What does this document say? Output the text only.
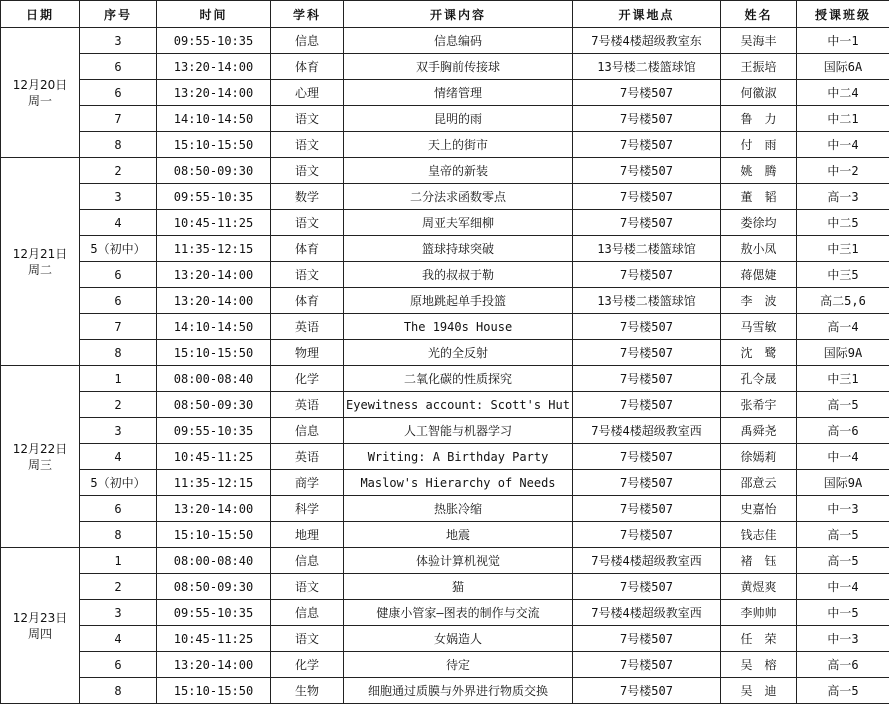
日期	序号	时间	学科	开课内容	开课地点	姓名	授课班级

12月20日
周一	3	09:55-10:35	信息	信息编码	7号楼4楼超级教室东	吴海丰	中一1
	6	13:20-14:00	体育	双手胸前传接球	13号楼二楼篮球馆	王振培	国际6A
	6	13:20-14:00	心理	情绪管理	7号楼507	何徽淑	中二4
	7	14:10-14:50	语文	昆明的雨	7号楼507	鲁　力	中二1
	8	15:10-15:50	语文	天上的街市	7号楼507	付　雨	中一4

12月21日
周二	2	08:50-09:30	语文	皇帝的新装	7号楼507	姚　腾	中一2
	3	09:55-10:35	数学	二分法求函数零点	7号楼507	董　韬	高一3
	4	10:45-11:25	语文	周亚夫军细柳	7号楼507	娄徐均	中二5
	5（初中）	11:35-12:15	体育	篮球持球突破	13号楼二楼篮球馆	敖小凤	中三1
	6	13:20-14:00	语文	我的叔叔于勒	7号楼507	蒋偲婕	中三5
	6	13:20-14:00	体育	原地跳起单手投篮	13号楼二楼篮球馆	李　波	高二5,6
	7	14:10-14:50	英语	The 1940s House	7号楼507	马雪敏	高一4
	8	15:10-15:50	物理	光的全反射	7号楼507	沈　鹭	国际9A

12月22日
周三	1	08:00-08:40	化学	二氧化碳的性质探究	7号楼507	孔令晟	中三1
	2	08:50-09:30	英语	Eyewitness account: Scott's Hut	7号楼507	张希宇	高一5
	3	09:55-10:35	信息	人工智能与机器学习	7号楼4楼超级教室西	禹舜尧	高一6
	4	10:45-11:25	英语	Writing: A Birthday Party	7号楼507	徐嫣莉	中一4
	5（初中）	11:35-12:15	商学	Maslow's Hierarchy of Needs	7号楼507	邵意云	国际9A
	6	13:20-14:00	科学	热胀冷缩	7号楼507	史嘉怡	中一3
	8	15:10-15:50	地理	地震	7号楼507	钱志佳	高一5

12月23日
周四	1	08:00-08:40	信息	体验计算机视觉	7号楼4楼超级教室西	褚　钰	高一5
	2	08:50-09:30	语文	猫	7号楼507	黄煜爽	中一4
	3	09:55-10:35	信息	健康小管家—图表的制作与交流	7号楼4楼超级教室西	李帅帅	中一5
	4	10:45-11:25	语文	女娲造人	7号楼507	任　荣	中一3
	6	13:20-14:00	化学	待定	7号楼507	吴　榕	高一6
	8	15:10-15:50	生物	细胞通过质膜与外界进行物质交换	7号楼507	吴　迪	高一5
